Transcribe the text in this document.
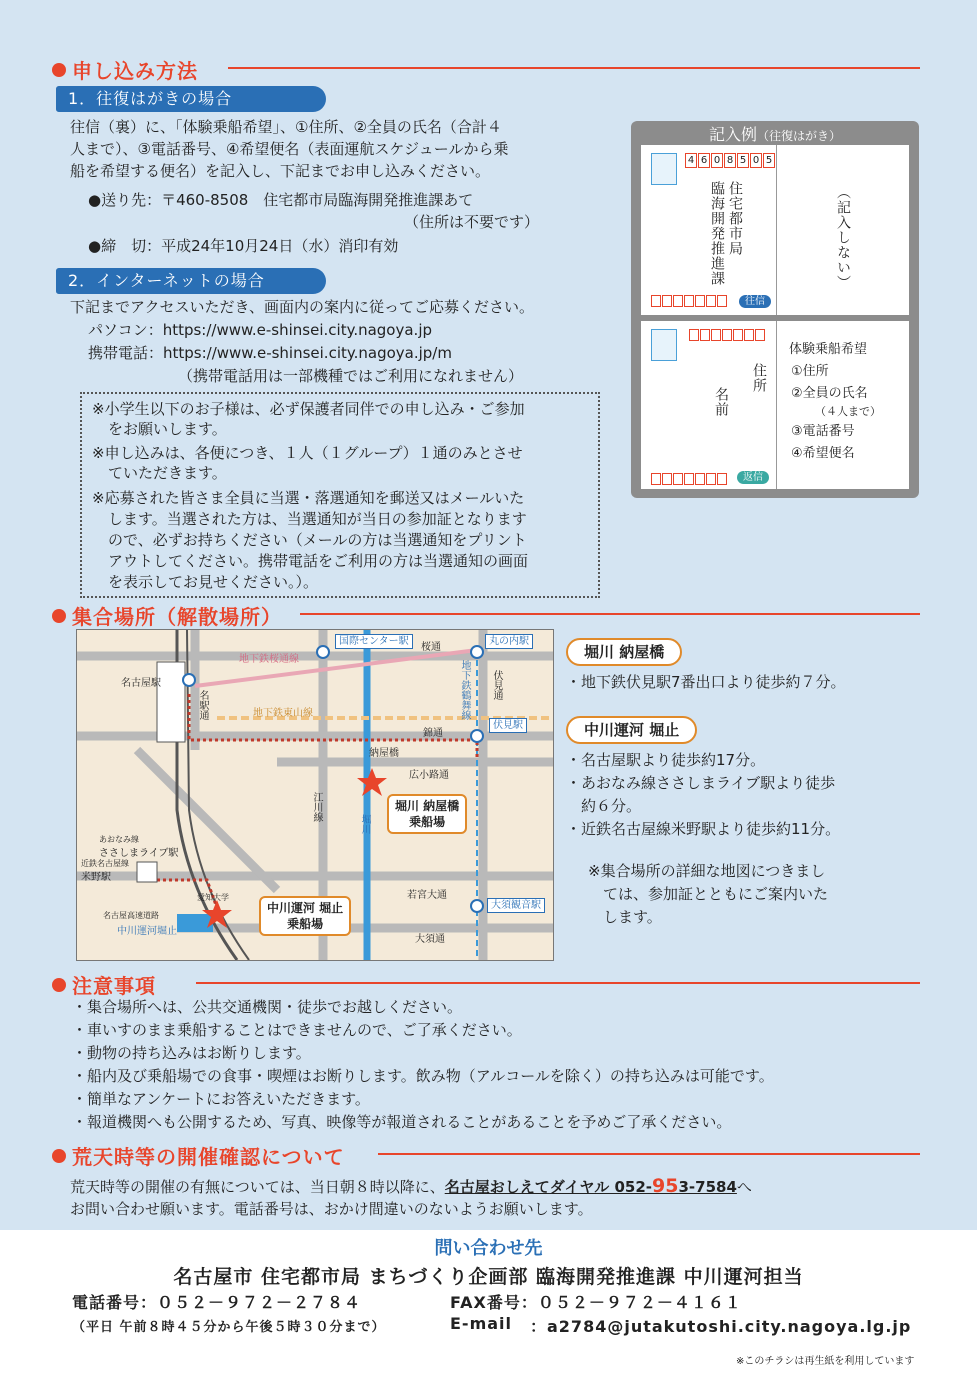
申し込み方法
1．往復はがきの場合
往信（裏）に、「体験乗船希望」、①住所、②全員の氏名（合計４
人まで）、③電話番号、④希望便名（表面運航スケジュールから乗
船を希望する便名）を記入し、下記までお申し込みください。
●送り先：〒460-8508　住宅都市局臨海開発推進課あて
（住所は不要です）
●締　切：平成24年10月24日（水）消印有効
2．インターネットの場合
下記までアクセスいただき、画面内の案内に従ってご応募ください。
パソコン：https://www.e-shinsei.city.nagoya.jp
携帯電話：https://www.e-shinsei.city.nagoya.jp/m
（携帯電話用は一部機種ではご利用になれません）
※小学生以下のお子様は、必ず保護者同伴での申し込み・ご参加
をお願いします。
※申し込みは、各便につき、１人（１グループ）１通のみとさせ
ていただきます。
※応募された皆さま全員に当選・落選通知を郵送又はメールいた
します。当選された方は、当選通知が当日の参加証となります
ので、必ずお持ちください（メールの方は当選通知をプリント
アウトしてください。携帯電話をご利用の方は当選通知の画面
を表示してお見せください。）。
記入例（往復はがき）
4 6 0 8 5 0 5
住宅都市局
臨海開発推進課	（記入しない）
往信
住所
名前
体験乗船希望
①住所
②全員の氏名
（４人まで）
③電話番号
④希望便名
返信
集合場所（解散場所）
地下鉄桜通線
地下鉄東山線	地下鉄鶴舞線
名古屋駅
名駅通
国際センター駅
桜通
丸の内駅
伏見通
錦通
伏見駅
納屋橋
広小路通
江川線
堀川
あおなみ線
ささしまライブ駅
近鉄名古屋線
米野駅
愛知大学
名古屋高速道路
若宮大通
大須観音駅
大須通
中川運河堀止
堀川 納屋橋
乗船場
中川運河 堀止
乗船場
堀川 納屋橋
・地下鉄伏見駅7番出口より徒歩約７分。
中川運河 堀止
・名古屋駅より徒歩約17分。
・あおなみ線ささしまライブ駅より徒歩
　約６分。
・近鉄名古屋線米野駅より徒歩約11分。
※集合場所の詳細な地図につきまし
　ては、参加証とともにご案内いた
　します。
注意事項
・集合場所へは、公共交通機関・徒歩でお越しください。
・車いすのまま乗船することはできませんので、ご了承ください。
・動物の持ち込みはお断りします。
・船内及び乗船場での食事・喫煙はお断りします。飲み物（アルコールを除く）の持ち込みは可能です。
・簡単なアンケートにお答えいただきます。
・報道機関へも公開するため、写真、映像等が報道されることがあることを予めご了承ください。
荒天時等の開催確認について
荒天時等の開催の有無については、当日朝８時以降に、名古屋おしえてダイヤル 052-953-7584へ
お問い合わせ願います。電話番号は、おかけ間違いのないようお願いします。
問い合わせ先
名古屋市 住宅都市局 まちづくり企画部 臨海開発推進課 中川運河担当
電話番号：０５２－９７２－２７８４	FAX番号：０５２－９７２－４１６１
（平日 午前８時４５分から午後５時３０分まで）	E-mail ：a2784@jutakutoshi.city.nagoya.lg.jp
※このチラシは再生紙を利用しています
